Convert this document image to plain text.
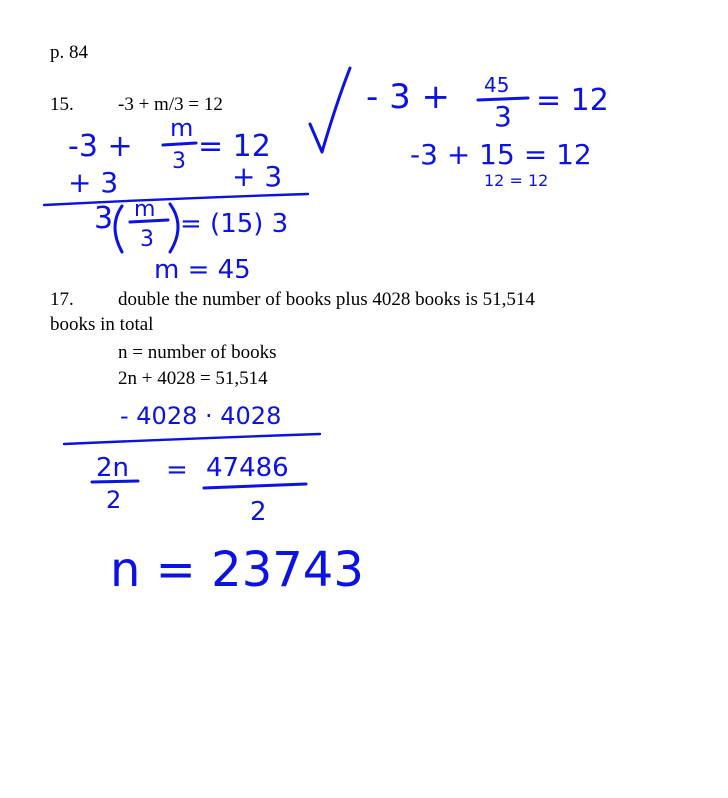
p. 84

15. -3 + m/3 = 12

17. double the number of books plus 4028 books is 51,514

books in total

n = number of books

2n + 4028 = 51,514

-3 +
m
3 = 12
+ 3	+ 3
3 m
3
= (15) 3
m = 45
- 3 + 45
3 = 12
-3 + 15 = 12
12 = 12
- 4028 · 4028
2n
2
= 47486
2
n = 23743
